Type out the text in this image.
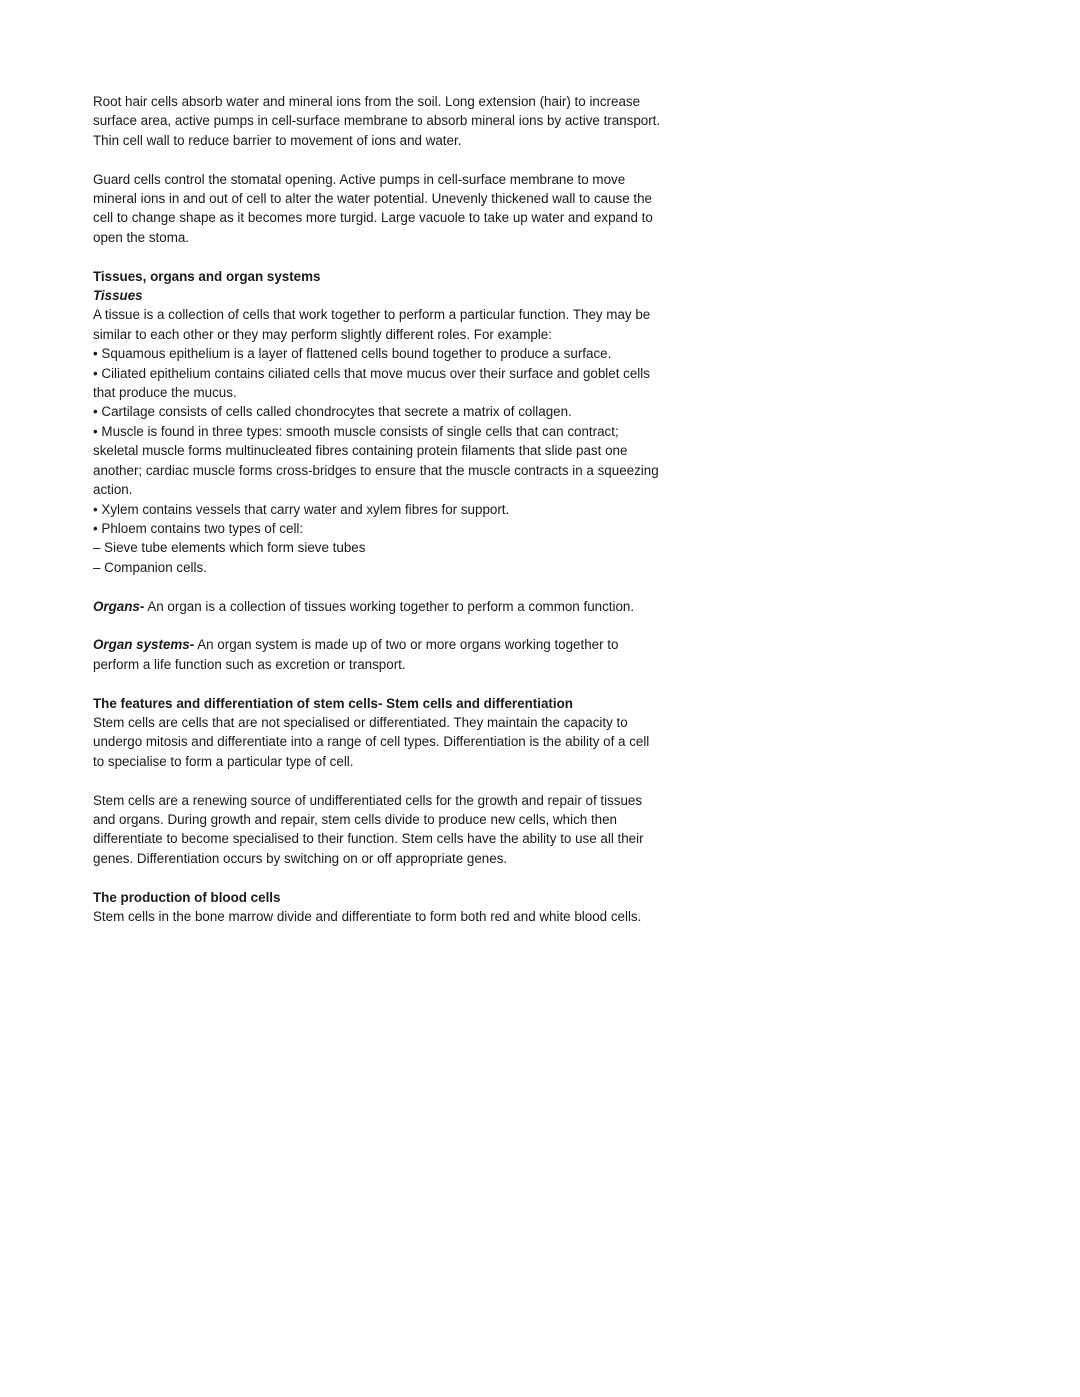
Root hair cells absorb water and mineral ions from the soil. Long extension (hair) to increase

surface area, active pumps in cell-surface membrane to absorb mineral ions by active transport.

Thin cell wall to reduce barrier to movement of ions and water.

Guard cells control the stomatal opening. Active pumps in cell-surface membrane to move

mineral ions in and out of cell to alter the water potential. Unevenly thickened wall to cause the

cell to change shape as it becomes more turgid. Large vacuole to take up water and expand to

open the stoma.

Tissues, organs and organ systems

Tissues

A tissue is a collection of cells that work together to perform a particular function. They may be

similar to each other or they may perform slightly different roles. For example:

• Squamous epithelium is a layer of flattened cells bound together to produce a surface.

• Ciliated epithelium contains ciliated cells that move mucus over their surface and goblet cells

that produce the mucus.

• Cartilage consists of cells called chondrocytes that secrete a matrix of collagen.

• Muscle is found in three types: smooth muscle consists of single cells that can contract;

skeletal muscle forms multinucleated fibres containing protein filaments that slide past one

another; cardiac muscle forms cross-bridges to ensure that the muscle contracts in a squeezing

action.

• Xylem contains vessels that carry water and xylem fibres for support.

• Phloem contains two types of cell:

– Sieve tube elements which form sieve tubes

– Companion cells.

Organs- An organ is a collection of tissues working together to perform a common function.

Organ systems- An organ system is made up of two or more organs working together to

perform a life function such as excretion or transport.

The features and differentiation of stem cells- Stem cells and differentiation

Stem cells are cells that are not specialised or differentiated. They maintain the capacity to

undergo mitosis and differentiate into a range of cell types. Differentiation is the ability of a cell

to specialise to form a particular type of cell.

Stem cells are a renewing source of undifferentiated cells for the growth and repair of tissues

and organs. During growth and repair, stem cells divide to produce new cells, which then

differentiate to become specialised to their function. Stem cells have the ability to use all their

genes. Differentiation occurs by switching on or off appropriate genes.

The production of blood cells

Stem cells in the bone marrow divide and differentiate to form both red and white blood cells.
